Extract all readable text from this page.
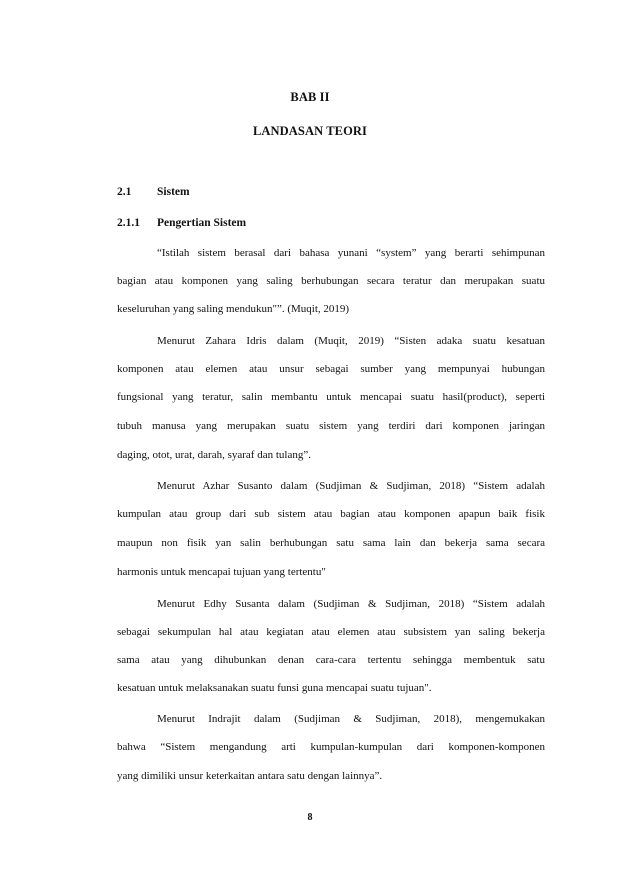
BAB II
LANDASAN TEORI
2.1 Sistem
2.1.1 Pengertian Sistem
“Istilah sistem berasal dari bahasa yunani “system” yang berarti sehimpunan
bagian atau komponen yang saling berhubungan secara teratur dan merupakan suatu
keseluruhan yang saling mendukun"”. (Muqit, 2019)
Menurut Zahara Idris dalam (Muqit, 2019) “Sisten adaka suatu kesatuan
komponen atau elemen atau unsur sebagai sumber yang mempunyai hubungan
fungsional yang teratur, salin membantu untuk mencapai suatu hasil(product), seperti
tubuh manusa yang merupakan suatu sistem yang terdiri dari komponen jaringan
daging, otot, urat, darah, syaraf dan tulang”.
Menurut Azhar Susanto dalam (Sudjiman & Sudjiman, 2018) “Sistem adalah
kumpulan atau group dari sub sistem atau bagian atau komponen apapun baik fisik
maupun non fisik yan salin berhubungan satu sama lain dan bekerja sama secara
harmonis untuk mencapai tujuan yang tertentu"
Menurut Edhy Susanta dalam (Sudjiman & Sudjiman, 2018) “Sistem adalah
sebagai sekumpulan hal atau kegiatan atau elemen atau subsistem yan saling bekerja
sama atau yang dihubunkan denan cara-cara tertentu sehingga membentuk satu
kesatuan untuk melaksanakan suatu funsi guna mencapai suatu tujuan".
Menurut Indrajit dalam (Sudjiman & Sudjiman, 2018), mengemukakan
bahwa “Sistem mengandung arti kumpulan-kumpulan dari komponen-komponen
yang dimiliki unsur keterkaitan antara satu dengan lainnya”.
8
